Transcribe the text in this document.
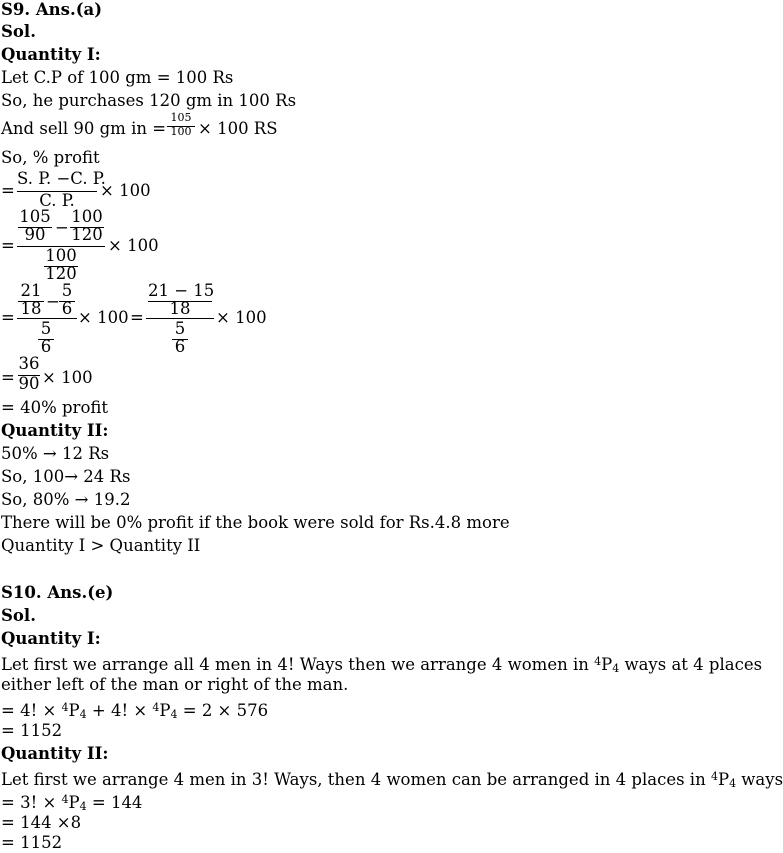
S9. Ans.(a)
Sol.
Quantity I:
Let C.P of 100 gm = 100 Rs
So, he purchases 120 gm in 100 Rs
And sell 90 gm in =
105
100 × 100 RS
So, % profit
=
S. P. −C. P.
C. P.
× 100
=
105
90 −
100
120
100
120
× 100
=
21
18 −
5
6
5
6
× 100 =
21 − 15
18
5
6
× 100
=
36
90 × 100
= 40% profit
Quantity II:
50% → 12 Rs
So, 100→ 24 Rs
So, 80% → 19.2
There will be 0% profit if the book were sold for Rs.4.8 more
Quantity I > Quantity II
S10. Ans.(e)
Sol.
Quantity I:
Let first we arrange all 4 men in 4! Ways then we arrange 4 women in $^4P_4$ ways at 4 places
either left of the man or right of the man.
= 4! × $^4P_4 + 4$! × $^4P_4 = 2 \times 576$
= 1152
Quantity II:
Let first we arrange 4 men in 3! Ways, then 4 women can be arranged in 4 places in $^4P_4$ ways
= 3! × $^4P_4 = 144$
= 144 ×8
= 1152
